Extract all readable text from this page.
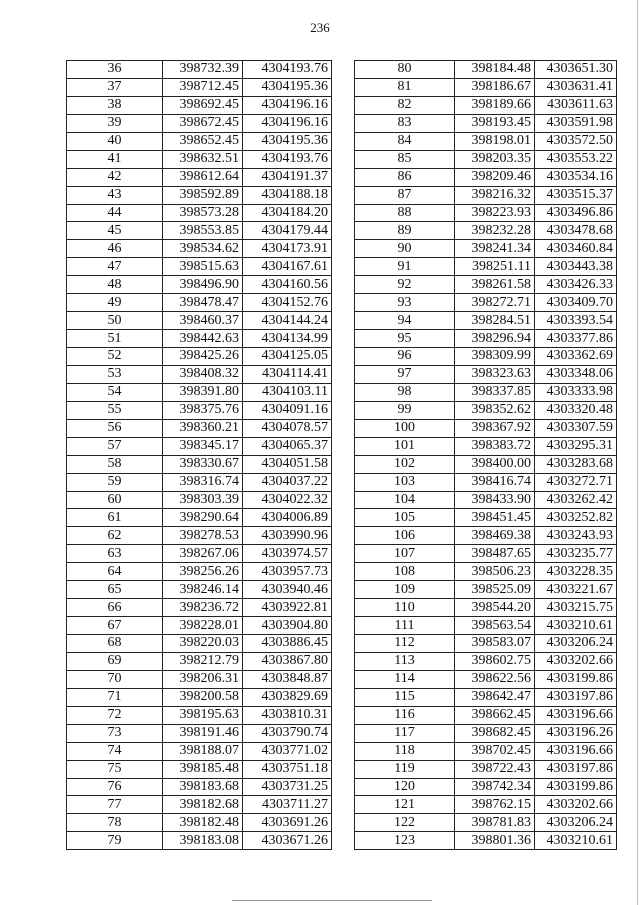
236
36	398732.39	4304193.76
37	398712.45	4304195.36
38	398692.45	4304196.16
39	398672.45	4304196.16
40	398652.45	4304195.36
41	398632.51	4304193.76
42	398612.64	4304191.37
43	398592.89	4304188.18
44	398573.28	4304184.20
45	398553.85	4304179.44
46	398534.62	4304173.91
47	398515.63	4304167.61
48	398496.90	4304160.56
49	398478.47	4304152.76
50	398460.37	4304144.24
51	398442.63	4304134.99
52	398425.26	4304125.05
53	398408.32	4304114.41
54	398391.80	4304103.11
55	398375.76	4304091.16
56	398360.21	4304078.57
57	398345.17	4304065.37
58	398330.67	4304051.58
59	398316.74	4304037.22
60	398303.39	4304022.32
61	398290.64	4304006.89
62	398278.53	4303990.96
63	398267.06	4303974.57
64	398256.26	4303957.73
65	398246.14	4303940.46
66	398236.72	4303922.81
67	398228.01	4303904.80
68	398220.03	4303886.45
69	398212.79	4303867.80
70	398206.31	4303848.87
71	398200.58	4303829.69
72	398195.63	4303810.31
73	398191.46	4303790.74
74	398188.07	4303771.02
75	398185.48	4303751.18
76	398183.68	4303731.25
77	398182.68	4303711.27
78	398182.48	4303691.26
79	398183.08	4303671.26
80	398184.48	4303651.30
81	398186.67	4303631.41
82	398189.66	4303611.63
83	398193.45	4303591.98
84	398198.01	4303572.50
85	398203.35	4303553.22
86	398209.46	4303534.16
87	398216.32	4303515.37
88	398223.93	4303496.86
89	398232.28	4303478.68
90	398241.34	4303460.84
91	398251.11	4303443.38
92	398261.58	4303426.33
93	398272.71	4303409.70
94	398284.51	4303393.54
95	398296.94	4303377.86
96	398309.99	4303362.69
97	398323.63	4303348.06
98	398337.85	4303333.98
99	398352.62	4303320.48
100	398367.92	4303307.59
101	398383.72	4303295.31
102	398400.00	4303283.68
103	398416.74	4303272.71
104	398433.90	4303262.42
105	398451.45	4303252.82
106	398469.38	4303243.93
107	398487.65	4303235.77
108	398506.23	4303228.35
109	398525.09	4303221.67
110	398544.20	4303215.75
111	398563.54	4303210.61
112	398583.07	4303206.24
113	398602.75	4303202.66
114	398622.56	4303199.86
115	398642.47	4303197.86
116	398662.45	4303196.66
117	398682.45	4303196.26
118	398702.45	4303196.66
119	398722.43	4303197.86
120	398742.34	4303199.86
121	398762.15	4303202.66
122	398781.83	4303206.24
123	398801.36	4303210.61
